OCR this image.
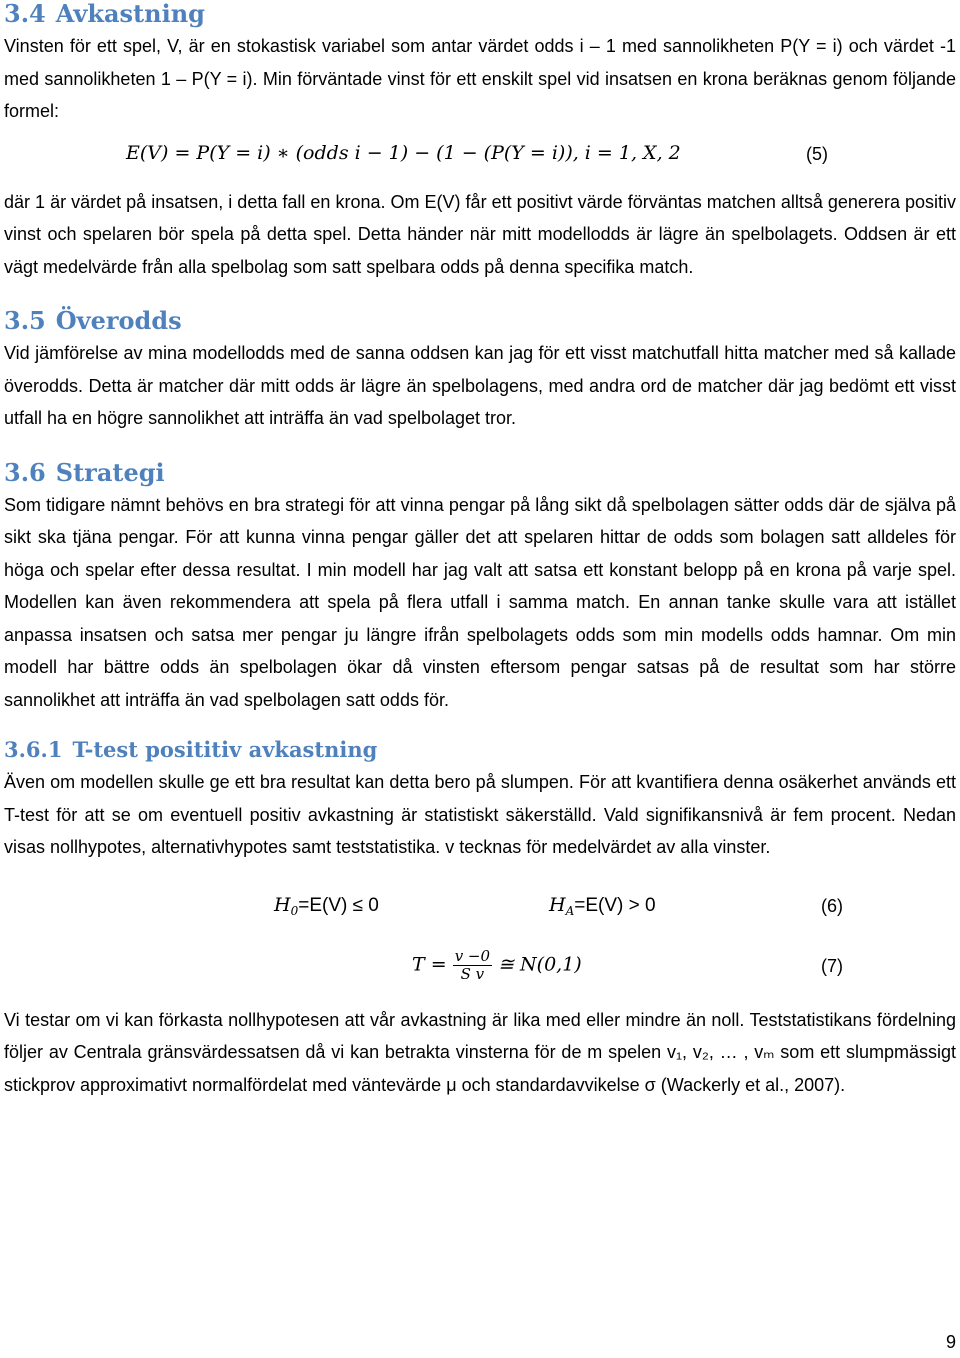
3.4 Avkastning

Vinsten för ett spel, V, är en stokastisk variabel som antar värdet odds i – 1 med sannolikheten P(Y = i) och värdet -1 med sannolikheten 1 – P(Y = i). Min förväntade vinst för ett enskilt spel vid insatsen en krona beräknas genom följande formel:

E(V) = P(Y = i) ∗ (odds i − 1) − (1 − (P(Y = i)), i = 1, X, 2	(5)

där 1 är värdet på insatsen, i detta fall en krona. Om E(V) får ett positivt värde förväntas matchen alltså generera positiv vinst och spelaren bör spela på detta spel. Detta händer när mitt modellodds är lägre än spelbolagets. Oddsen är ett vägt medelvärde från alla spelbolag som satt spelbara odds på denna specifika match.

3.5 Överodds

Vid jämförelse av mina modellodds med de sanna oddsen kan jag för ett visst matchutfall hitta matcher med så kallade överodds. Detta är matcher där mitt odds är lägre än spelbolagens, med andra ord de matcher där jag bedömt ett visst utfall ha en högre sannolikhet att inträffa än vad spelbolaget tror.

3.6 Strategi

Som tidigare nämnt behövs en bra strategi för att vinna pengar på lång sikt då spelbolagen sätter odds där de själva på sikt ska tjäna pengar. För att kunna vinna pengar gäller det att spelaren hittar de odds som bolagen satt alldeles för höga och spelar efter dessa resultat. I min modell har jag valt att satsa ett konstant belopp på en krona på varje spel. Modellen kan även rekommendera att spela på flera utfall i samma match. En annan tanke skulle vara att istället anpassa insatsen och satsa mer pengar ju längre ifrån spelbolagets odds som min modells odds hamnar. Om min modell har bättre odds än spelbolagen ökar då vinsten eftersom pengar satsas på de resultat som har större sannolikhet att inträffa än vad spelbolagen satt odds för.

3.6.1 T-test posititiv avkastning

Även om modellen skulle ge ett bra resultat kan detta bero på slumpen. För att kvantifiera denna osäkerhet används ett T-test för att se om eventuell positiv avkastning är statistiskt säkerställd. Vald signifikansnivå är fem procent. Nedan visas nollhypotes, alternativhypotes samt teststatistika. v tecknas för medelvärdet av alla vinster.

$H_0=E(V) \le 0$	$H_A=E(V) > 0$	(6)
$T = \frac{v -0}{\text{S v}}$ ≅ N(0,1)	(7)

Vi testar om vi kan förkasta nollhypotesen att vår avkastning är lika med eller mindre än noll. Teststatistikans fördelning följer av Centrala gränsvärdessatsen då vi kan betrakta vinsterna för de m spelen v₁, v₂, … , vₘ som ett slumpmässigt stickprov approximativt normalfördelat med väntevärde μ och standardavvikelse σ (Wackerly et al., 2007).

9
